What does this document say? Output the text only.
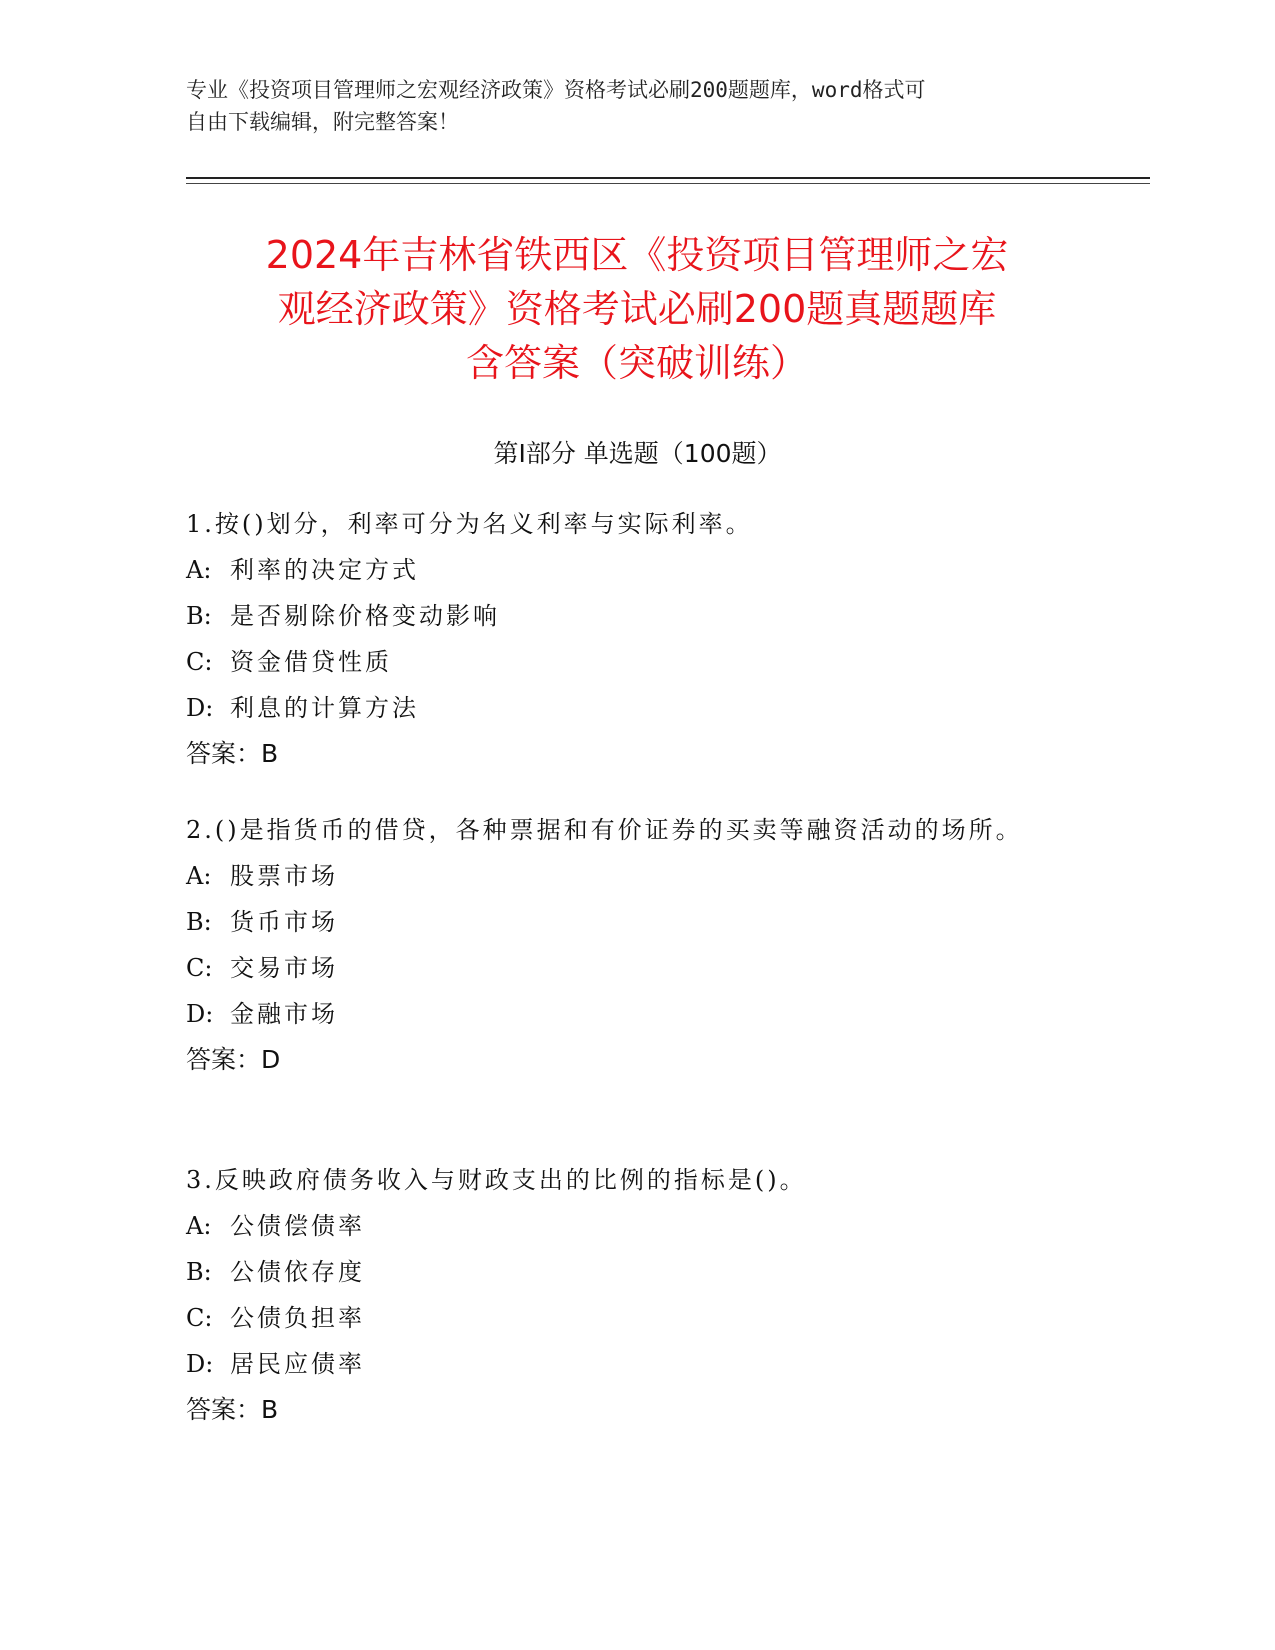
专业《投资项目管理师之宏观经济政策》资格考试必刷200题题库，word格式可
自由下载编辑，附完整答案！
2024年吉林省铁西区《投资项目管理师之宏
观经济政策》资格考试必刷200题真题题库
含答案（突破训练）
第Ⅰ部分 单选题（100题）

1.按()划分，利率可分为名义利率与实际利率。

A: 利率的决定方式

B: 是否剔除价格变动影响

C: 资金借贷性质

D: 利息的计算方法

答案：B

2.()是指货币的借贷，各种票据和有价证券的买卖等融资活动的场所。

A: 股票市场

B: 货币市场

C: 交易市场

D: 金融市场

答案：D

3.反映政府债务收入与财政支出的比例的指标是()。

A: 公债偿债率

B: 公债依存度

C: 公债负担率

D: 居民应债率

答案：B
